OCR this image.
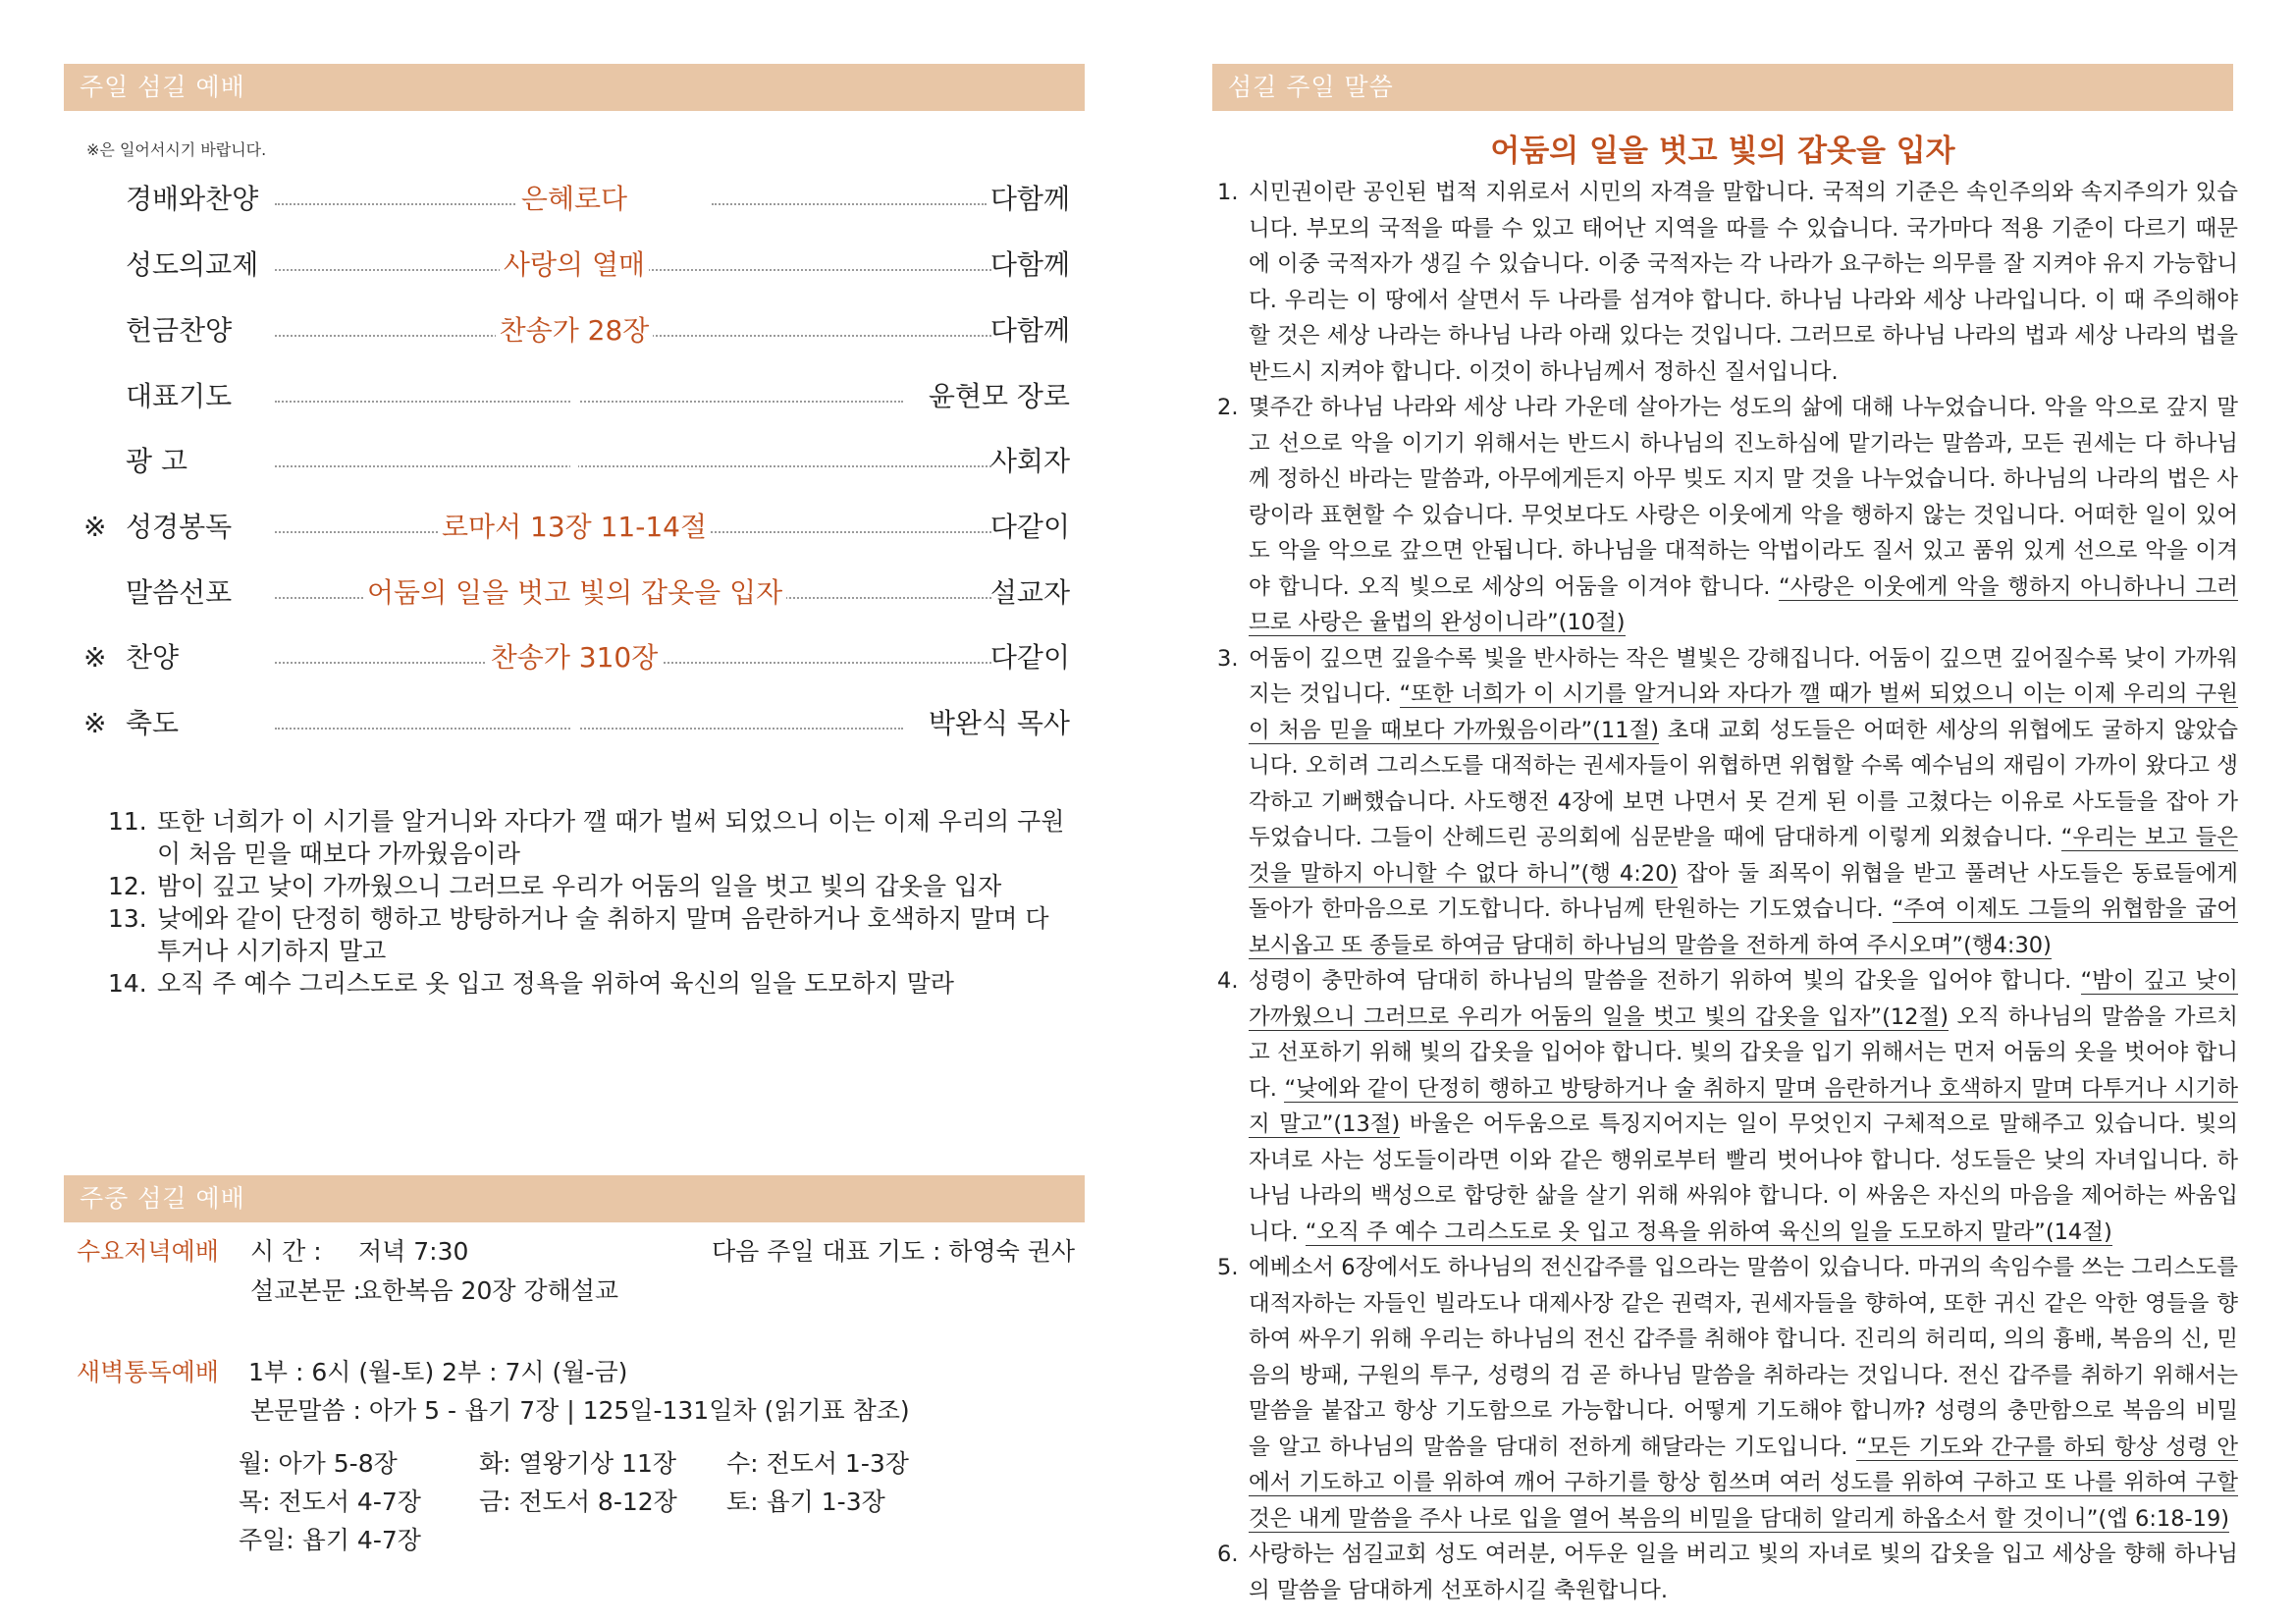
주일 섬길 예배
※은 일어서시기 바랍니다.
경배와찬양	은혜로다	다함께
성도의교제	사랑의 열매	다함께
헌금찬양	찬송가 28장	다함께
대표기도	윤현모 장로
광 고	사회자
※ 성경봉독	로마서 13장 11-14절	다같이
말씀선포	어둠의 일을 벗고 빛의 갑옷을 입자	설교자
※ 찬양	찬송가 310장	다같이
※ 축도	박완식 목사
11. 또한 너희가 이 시기를 알거니와 자다가 깰 때가 벌써 되었으니 이는 이제 우리의 구원이 처음 믿을 때보다 가까웠음이라
12. 밤이 깊고 낮이 가까웠으니 그러므로 우리가 어둠의 일을 벗고 빛의 갑옷을 입자
13. 낮에와 같이 단정히 행하고 방탕하거나 술 취하지 말며 음란하거나 호색하지 말며 다투거나 시기하지 말고
14. 오직 주 예수 그리스도로 옷 입고 정욕을 위하여 육신의 일을 도모하지 말라
주중 섬길 예배
수요저녁예배 시 간 : 저녁 7:30	다음 주일 대표 기도 : 하영숙 권사
설교본문 :
요한복음 20장 강해설교
새벽통독예배 1부 : 6시 (월-토) 2부 : 7시 (월-금)
본문말씀 : 아가 5 - 욥기 7장 | 125일-131일차 (읽기표 참조)
월: 아가 5-8장	화: 열왕기상 11장 수: 전도서 1-3장
목: 전도서 4-7장 금: 전도서 8-12장 토: 욥기 1-3장
주일: 욥기 4-7장
섬길 주일 말씀
어둠의 일을 벗고 빛의 갑옷을 입자
1. 시민권이란 공인된 법적 지위로서 시민의 자격을 말합니다. 국적의 기준은 속인주의와 속지주의가 있습니다. 부모의 국적을 따를 수 있고 태어난 지역을 따를 수 있습니다. 국가마다 적용 기준이 다르기 때문에 이중 국적자가 생길 수 있습니다. 이중 국적자는 각 나라가 요구하는 의무를 잘 지켜야 유지 가능합니다. 우리는 이 땅에서 살면서 두 나라를 섬겨야 합니다. 하나님 나라와 세상 나라입니다. 이 때 주의해야 할 것은 세상 나라는 하나님 나라 아래 있다는 것입니다. 그러므로 하나님 나라의 법과 세상 나라의 법을 반드시 지켜야 합니다. 이것이 하나님께서 정하신 질서입니다.
2. 몇주간 하나님 나라와 세상 나라 가운데 살아가는 성도의 삶에 대해 나누었습니다. 악을 악으로 갚지 말고 선으로 악을 이기기 위해서는 반드시 하나님의 진노하심에 맡기라는 말씀과, 모든 권세는 다 하나님께 정하신 바라는 말씀과, 아무에게든지 아무 빚도 지지 말 것을 나누었습니다. 하나님의 나라의 법은 사랑이라 표현할 수 있습니다. 무엇보다도 사랑은 이웃에게 악을 행하지 않는 것입니다. 어떠한 일이 있어도 악을 악으로 갚으면 안됩니다. 하나님을 대적하는 악법이라도 질서 있고 품위 있게 선으로 악을 이겨야 합니다. 오직 빛으로 세상의 어둠을 이겨야 합니다. “사랑은 이웃에게 악을 행하지 아니하나니 그러므로 사랑은 율법의 완성이니라”(10절)
3. 어둠이 깊으면 깊을수록 빛을 반사하는 작은 별빛은 강해집니다. 어둠이 깊으면 깊어질수록 낮이 가까워지는 것입니다. “또한 너희가 이 시기를 알거니와 자다가 깰 때가 벌써 되었으니 이는 이제 우리의 구원이 처음 믿을 때보다 가까웠음이라”(11절) 초대 교회 성도들은 어떠한 세상의 위협에도 굴하지 않았습니다. 오히려 그리스도를 대적하는 권세자들이 위협하면 위협할 수록 예수님의 재림이 가까이 왔다고 생각하고 기뻐했습니다. 사도행전 4장에 보면 나면서 못 걷게 된 이를 고쳤다는 이유로 사도들을 잡아 가두었습니다. 그들이 산헤드린 공의회에 심문받을 때에 담대하게 이렇게 외쳤습니다. “우리는 보고 들은 것을 말하지 아니할 수 없다 하니”(행 4:20) 잡아 둘 죄목이 위협을 받고 풀려난 사도들은 동료들에게 돌아가 한마음으로 기도합니다. 하나님께 탄원하는 기도였습니다. “주여 이제도 그들의 위협함을 굽어보시옵고 또 종들로 하여금 담대히 하나님의 말씀을 전하게 하여 주시오며”(행4:30)
4. 성령이 충만하여 담대히 하나님의 말씀을 전하기 위하여 빛의 갑옷을 입어야 합니다. “밤이 깊고 낮이 가까웠으니 그러므로 우리가 어둠의 일을 벗고 빛의 갑옷을 입자”(12절) 오직 하나님의 말씀을 가르치고 선포하기 위해 빛의 갑옷을 입어야 합니다. 빛의 갑옷을 입기 위해서는 먼저 어둠의 옷을 벗어야 합니다. “낮에와 같이 단정히 행하고 방탕하거나 술 취하지 말며 음란하거나 호색하지 말며 다투거나 시기하지 말고”(13절) 바울은 어두움으로 특징지어지는 일이 무엇인지 구체적으로 말해주고 있습니다. 빛의 자녀로 사는 성도들이라면 이와 같은 행위로부터 빨리 벗어나야 합니다. 성도들은 낮의 자녀입니다. 하나님 나라의 백성으로 합당한 삶을 살기 위해 싸워야 합니다. 이 싸움은 자신의 마음을 제어하는 싸움입니다. “오직 주 예수 그리스도로 옷 입고 정욕을 위하여 육신의 일을 도모하지 말라”(14절)
5. 에베소서 6장에서도 하나님의 전신갑주를 입으라는 말씀이 있습니다. 마귀의 속임수를 쓰는 그리스도를 대적자하는 자들인 빌라도나 대제사장 같은 권력자, 권세자들을 향하여, 또한 귀신 같은 악한 영들을 향하여 싸우기 위해 우리는 하나님의 전신 갑주를 취해야 합니다. 진리의 허리띠, 의의 흉배, 복음의 신, 믿음의 방패, 구원의 투구, 성령의 검 곧 하나님 말씀을 취하라는 것입니다. 전신 갑주를 취하기 위해서는 말씀을 붙잡고 항상 기도함으로 가능합니다. 어떻게 기도해야 합니까? 성령의 충만함으로 복음의 비밀을 알고 하나님의 말씀을 담대히 전하게 해달라는 기도입니다. “모든 기도와 간구를 하되 항상 성령 안에서 기도하고 이를 위하여 깨어 구하기를 항상 힘쓰며 여러 성도를 위하여 구하고 또 나를 위하여 구할 것은 내게 말씀을 주사 나로 입을 열어 복음의 비밀을 담대히 알리게 하옵소서 할 것이니”(엡 6:18-19)
6. 사랑하는 섬길교회 성도 여러분, 어두운 일을 버리고 빛의 자녀로 빛의 갑옷을 입고 세상을 향해 하나님의 말씀을 담대하게 선포하시길 축원합니다.
